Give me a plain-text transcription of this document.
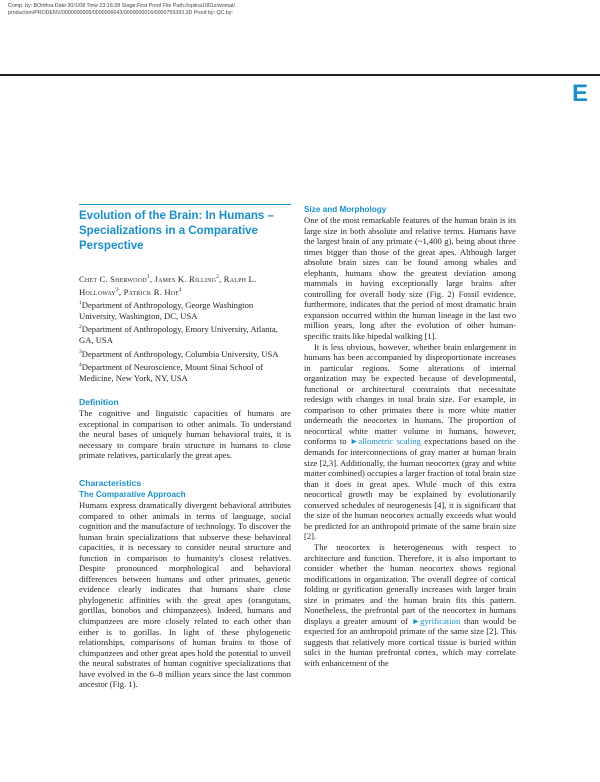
Comp. by: BOrithra Date:30/1/08 Time:23:16:28 Stage:First Proof File Path://spiina1001z/womat/
production/PRODENV/0000000005/0000006643/0000000016/0000759393.3D Proof by: QC by:
E
Evolution of the Brain: In Humans – Specializations in a Comparative Perspective
Chet C. Sherwood$^1$, James K. Rilling$^2$, Ralph L. Holloway$^3$, Patrick R. Hof$^4$

$^1$Department of Anthropology, George Washington University, Washington, DC, USA

$^2$Department of Anthropology, Emory University, Atlanta, GA, USA

$^3$Department of Anthropology, Columbia University, USA

$^4$Department of Neuroscience, Mount Sinai School of Medicine, New York, NY, USA

Definition

The cognitive and linguistic capacities of humans are exceptional in comparison to other animals. To understand the neural bases of uniquely human behavioral traits, it is necessary to compare brain structure in humans to close primate relatives, particularly the great apes.

Characteristics
The Comparative Approach

Humans express dramatically divergent behavioral attributes compared to other animals in terms of language, social cognition and the manufacture of technology. To discover the human brain specializations that subserve these behavioral capacities, it is necessary to consider neural structure and function in comparison to humanity's closest relatives. Despite pronounced morphological and behavioral differences between humans and other primates, genetic evidence clearly indicates that humans share close phylogenetic affinities with the great apes (orangutans, gorillas, bonobos and chimpanzees). Indeed, humans and chimpanzees are more closely related to each other than either is to gorillas. In light of these phylogenetic relationships, comparisons of human brains to those of chimpanzees and other great apes hold the potential to unveil the neural substrates of human cognitive specializations that have evolved in the 6–8 million years since the last common ancestor (Fig. 1).

Size and Morphology

One of the most remarkable features of the human brain is its large size in both absolute and relative terms. Humans have the largest brain of any primate (~1,400 g), being about three times bigger than those of the great apes. Although larger absolute brain sizes can be found among whales and elephants, humans show the greatest deviation among mammals in having exceptionally large brains after controlling for overall body size (Fig. 2) Fossil evidence, furthermore, indicates that the period of most dramatic brain expansion occurred within the human lineage in the last two million years, long after the evolution of other human-specific traits like bipedal walking [1].

It is less obvious, however, whether brain enlargement in humans has been accompanied by disproportionate increases in particular regions. Some alterations of internal organization may be expected because of developmental, functional or architectural constraints that necessitate redesign with changes in total brain size. For example, in comparison to other primates there is more white matter underneath the neocortex in humans. The proportion of neocortical white matter volume in humans, however, conforms to ►allometric scaling expectations based on the demands for interconnections of gray matter at human brain size [2,3]. Additionally, the human neocortex (gray and white matter combined) occupies a larger fraction of total brain size than it does in great apes. While much of this extra neocortical growth may be explained by evolutionarily conserved schedules of neurogenesis [4], it is significant that the size of the human neocortex actually exceeds what would be predicted for an anthropoid primate of the same brain size [2].

The neocortex is heterogeneous with respect to architecture and function. Therefore, it is also important to consider whether the human neocortex shows regional modifications in organization. The overall degree of cortical folding or gyrification generally increases with larger brain size in primates and the human brain fits this pattern. Nonetheless, the prefrontal part of the neocortex in humans displays a greater amount of ►gyrification than would be expected for an anthropoid primate of the same size [2]. This suggests that relatively more cortical tissue is buried within sulci in the human prefrontal cortex, which may correlate with enhancement of the
